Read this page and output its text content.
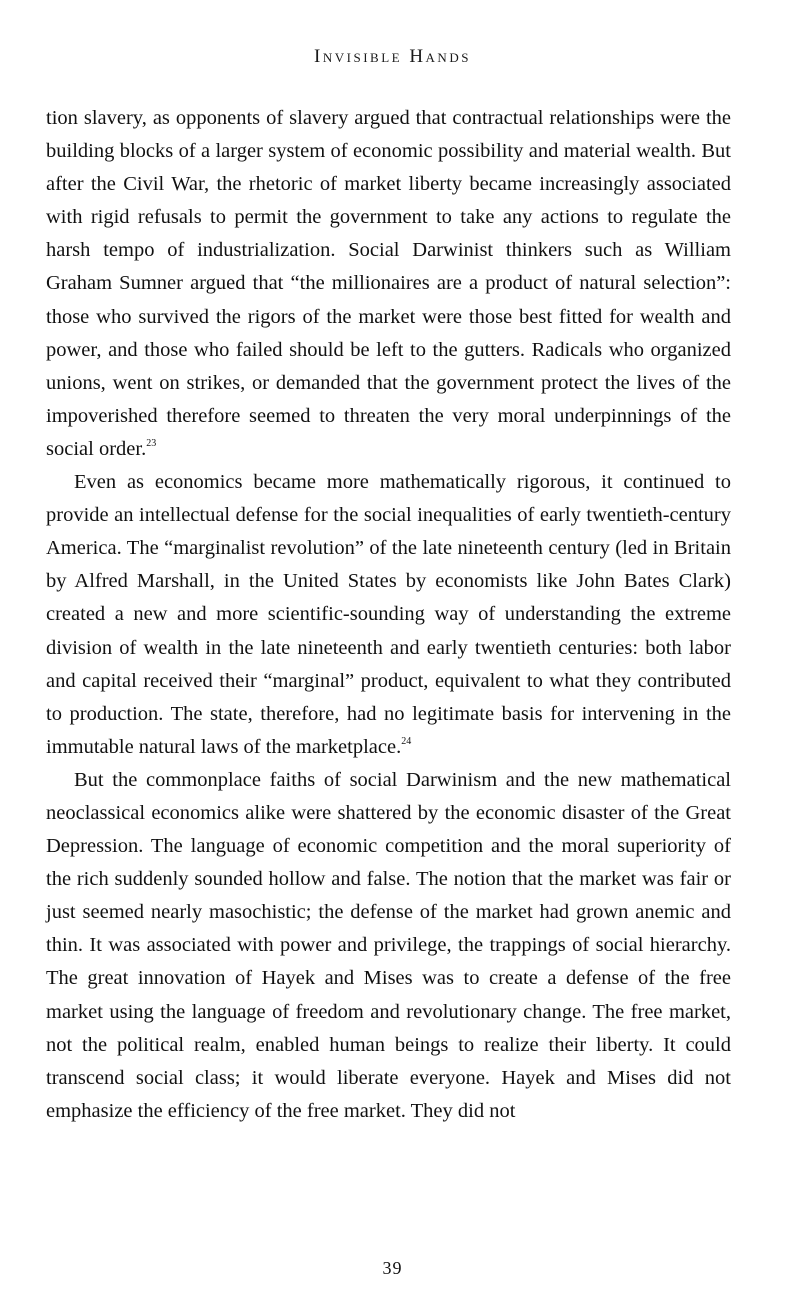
Invisible Hands

tion slavery, as opponents of slavery argued that contractual relationships were the building blocks of a larger system of economic possibility and material wealth. But after the Civil War, the rhetoric of market liberty became increasingly associated with rigid refusals to permit the government to take any actions to regulate the harsh tempo of industrialization. Social Darwinist thinkers such as William Graham Sumner argued that “the millionaires are a product of natural selection”: those who survived the rigors of the market were those best fitted for wealth and power, and those who failed should be left to the gutters. Radicals who organized unions, went on strikes, or demanded that the government protect the lives of the impoverished therefore seemed to threaten the very moral underpinnings of the social order.$^{23}$

Even as economics became more mathematically rigorous, it continued to provide an intellectual defense for the social inequalities of early twentieth-century America. The “marginalist revolution” of the late nineteenth century (led in Britain by Alfred Marshall, in the United States by economists like John Bates Clark) created a new and more scientific-sounding way of understanding the extreme division of wealth in the late nineteenth and early twentieth centuries: both labor and capital received their “marginal” product, equivalent to what they contributed to production. The state, therefore, had no legitimate basis for intervening in the immutable natural laws of the marketplace.$^{24}$

But the commonplace faiths of social Darwinism and the new mathematical neoclassical economics alike were shattered by the economic disaster of the Great Depression. The language of economic competition and the moral superiority of the rich suddenly sounded hollow and false. The notion that the market was fair or just seemed nearly masochistic; the defense of the market had grown anemic and thin. It was associated with power and privilege, the trappings of social hierarchy. The great innovation of Hayek and Mises was to create a defense of the free market using the language of freedom and revolutionary change. The free market, not the political realm, enabled human beings to realize their liberty. It could transcend social class; it would liberate everyone. Hayek and Mises did not emphasize the efficiency of the free market. They did not

39
